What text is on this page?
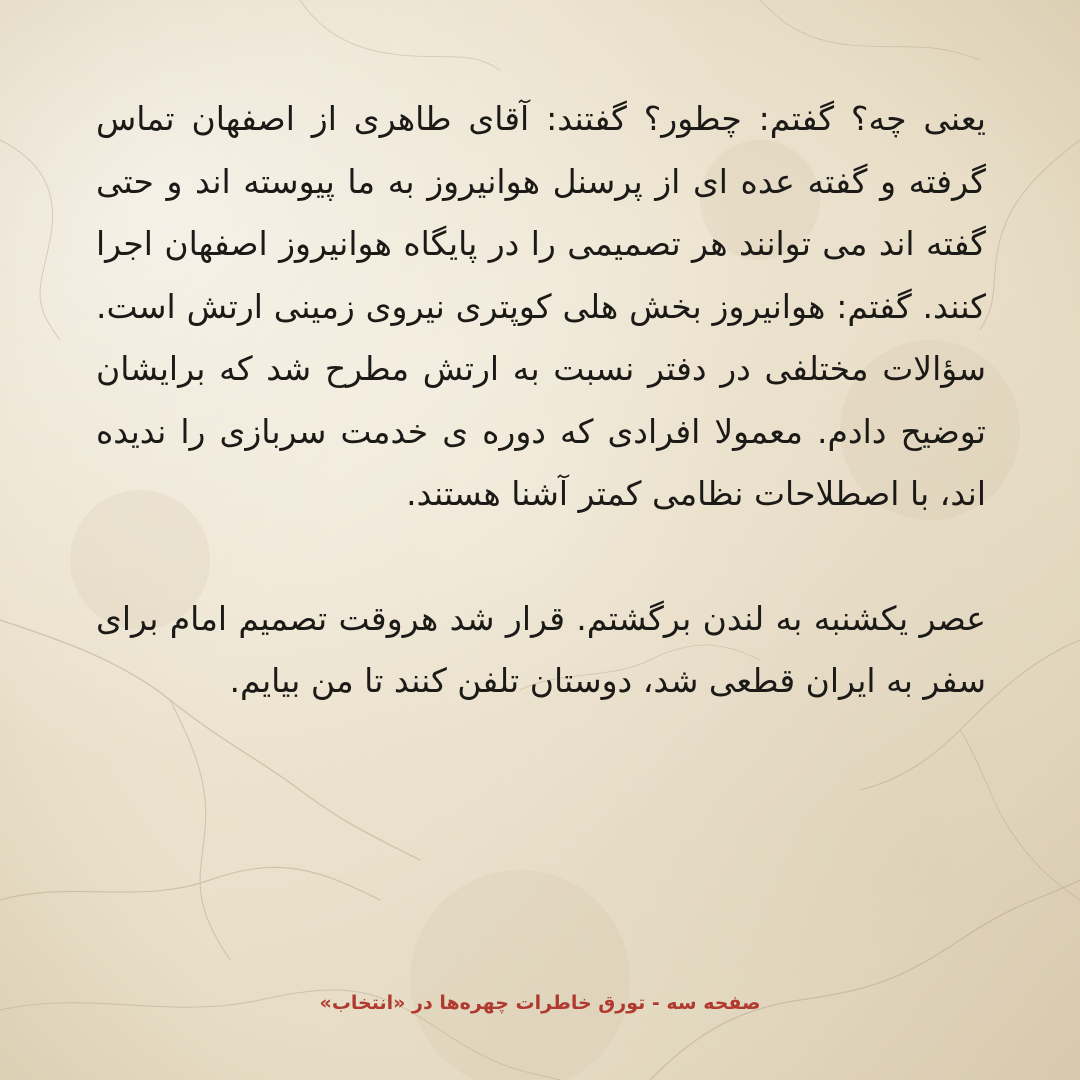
یعنی چه؟ گفتم: چطور؟ گفتند: آقای طاهری از اصفهان تماس گرفته و گفته عده ای از پرسنل هوانیروز به ما پیوسته اند و حتی گفته اند می توانند هر تصمیمی را در پایگاه هوانیروز اصفهان اجرا کنند. گفتم: هوانیروز بخش هلی کوپتری نیروی زمینی ارتش است. سؤالات مختلفی در دفتر نسبت به ارتش مطرح شد که برایشان توضیح دادم. معمولا افرادی که دوره ی خدمت سربازی را ندیده اند، با اصطلاحات نظامی کمتر آشنا هستند.

عصر یکشنبه به لندن برگشتم. قرار شد هروقت تصمیم امام برای سفر به ایران قطعی شد، دوستان تلفن کنند تا من بیایم.

صفحه سه - تورق خاطرات چهره‌ها در «انتخاب»
